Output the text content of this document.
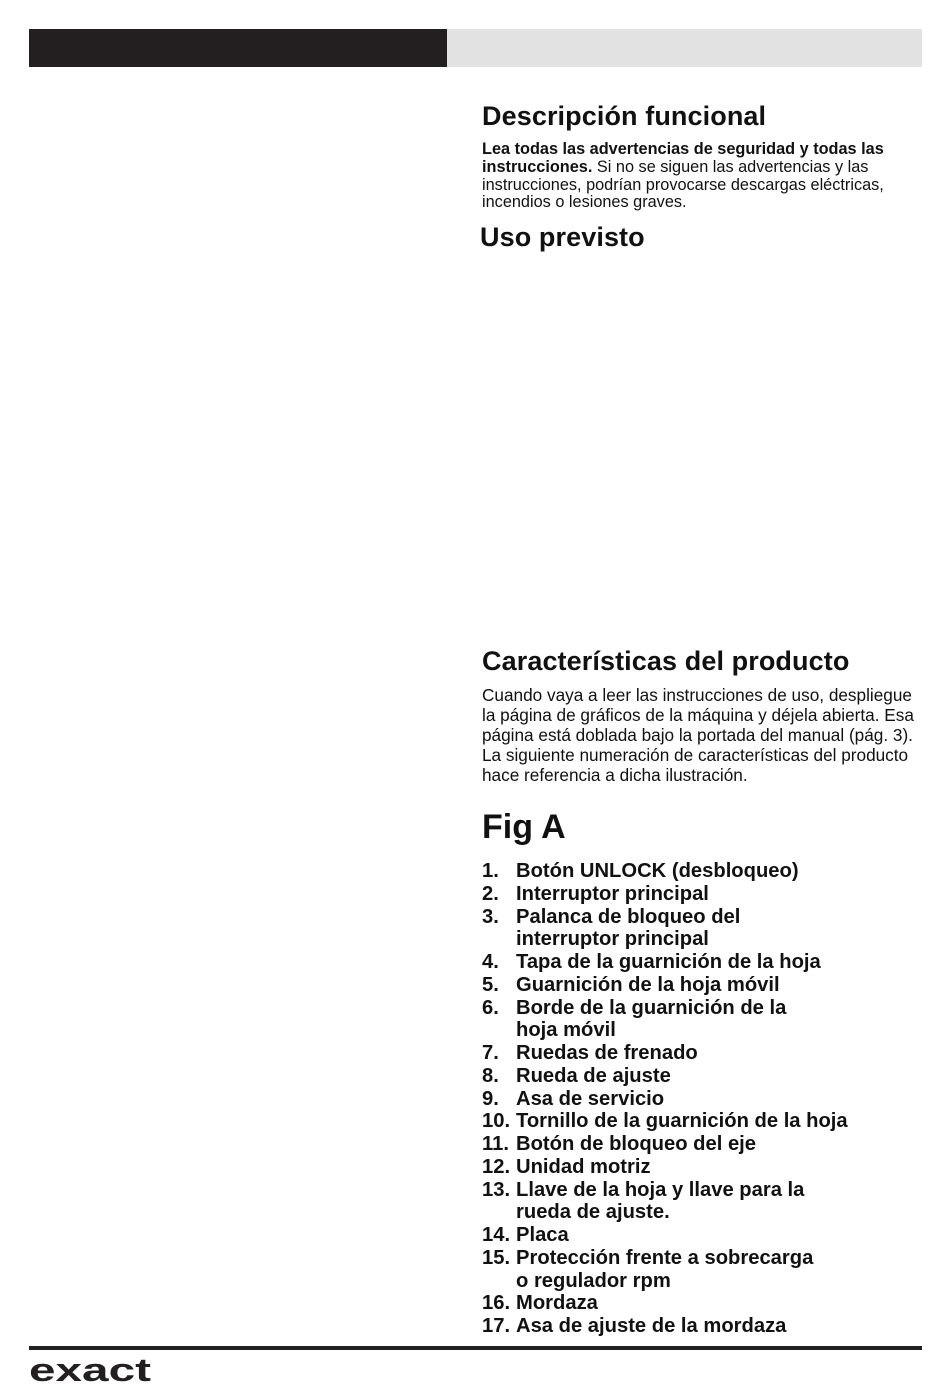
Descripción funcional

Lea todas las advertencias de seguridad y todas las instrucciones. Si no se siguen las advertencias y las instrucciones, podrían provocarse descargas eléctricas, incendios o lesiones graves.

Uso previsto
Características del producto

Cuando vaya a leer las instrucciones de uso, despliegue la página de gráficos de la máquina y déjela abierta. Esa página está doblada bajo la portada del manual (pág. 3). La siguiente numeración de características del producto hace referencia a dicha ilustración.

Fig A
1. Botón UNLOCK (desbloqueo)
2. Interruptor principal
3. Palanca de bloqueo del
interruptor principal
4. Tapa de la guarnición de la hoja
5. Guarnición de la hoja móvil
6. Borde de la guarnición de la
hoja móvil
7. Ruedas de frenado
8. Rueda de ajuste
9. Asa de servicio
10. Tornillo de la guarnición de la hoja
11. Botón de bloqueo del eje
12. Unidad motriz
13. Llave de la hoja y llave para la
rueda de ajuste.
14. Placa
15. Protección frente a sobrecarga
o regulador rpm
16. Mordaza
17. Asa de ajuste de la mordaza
exact
